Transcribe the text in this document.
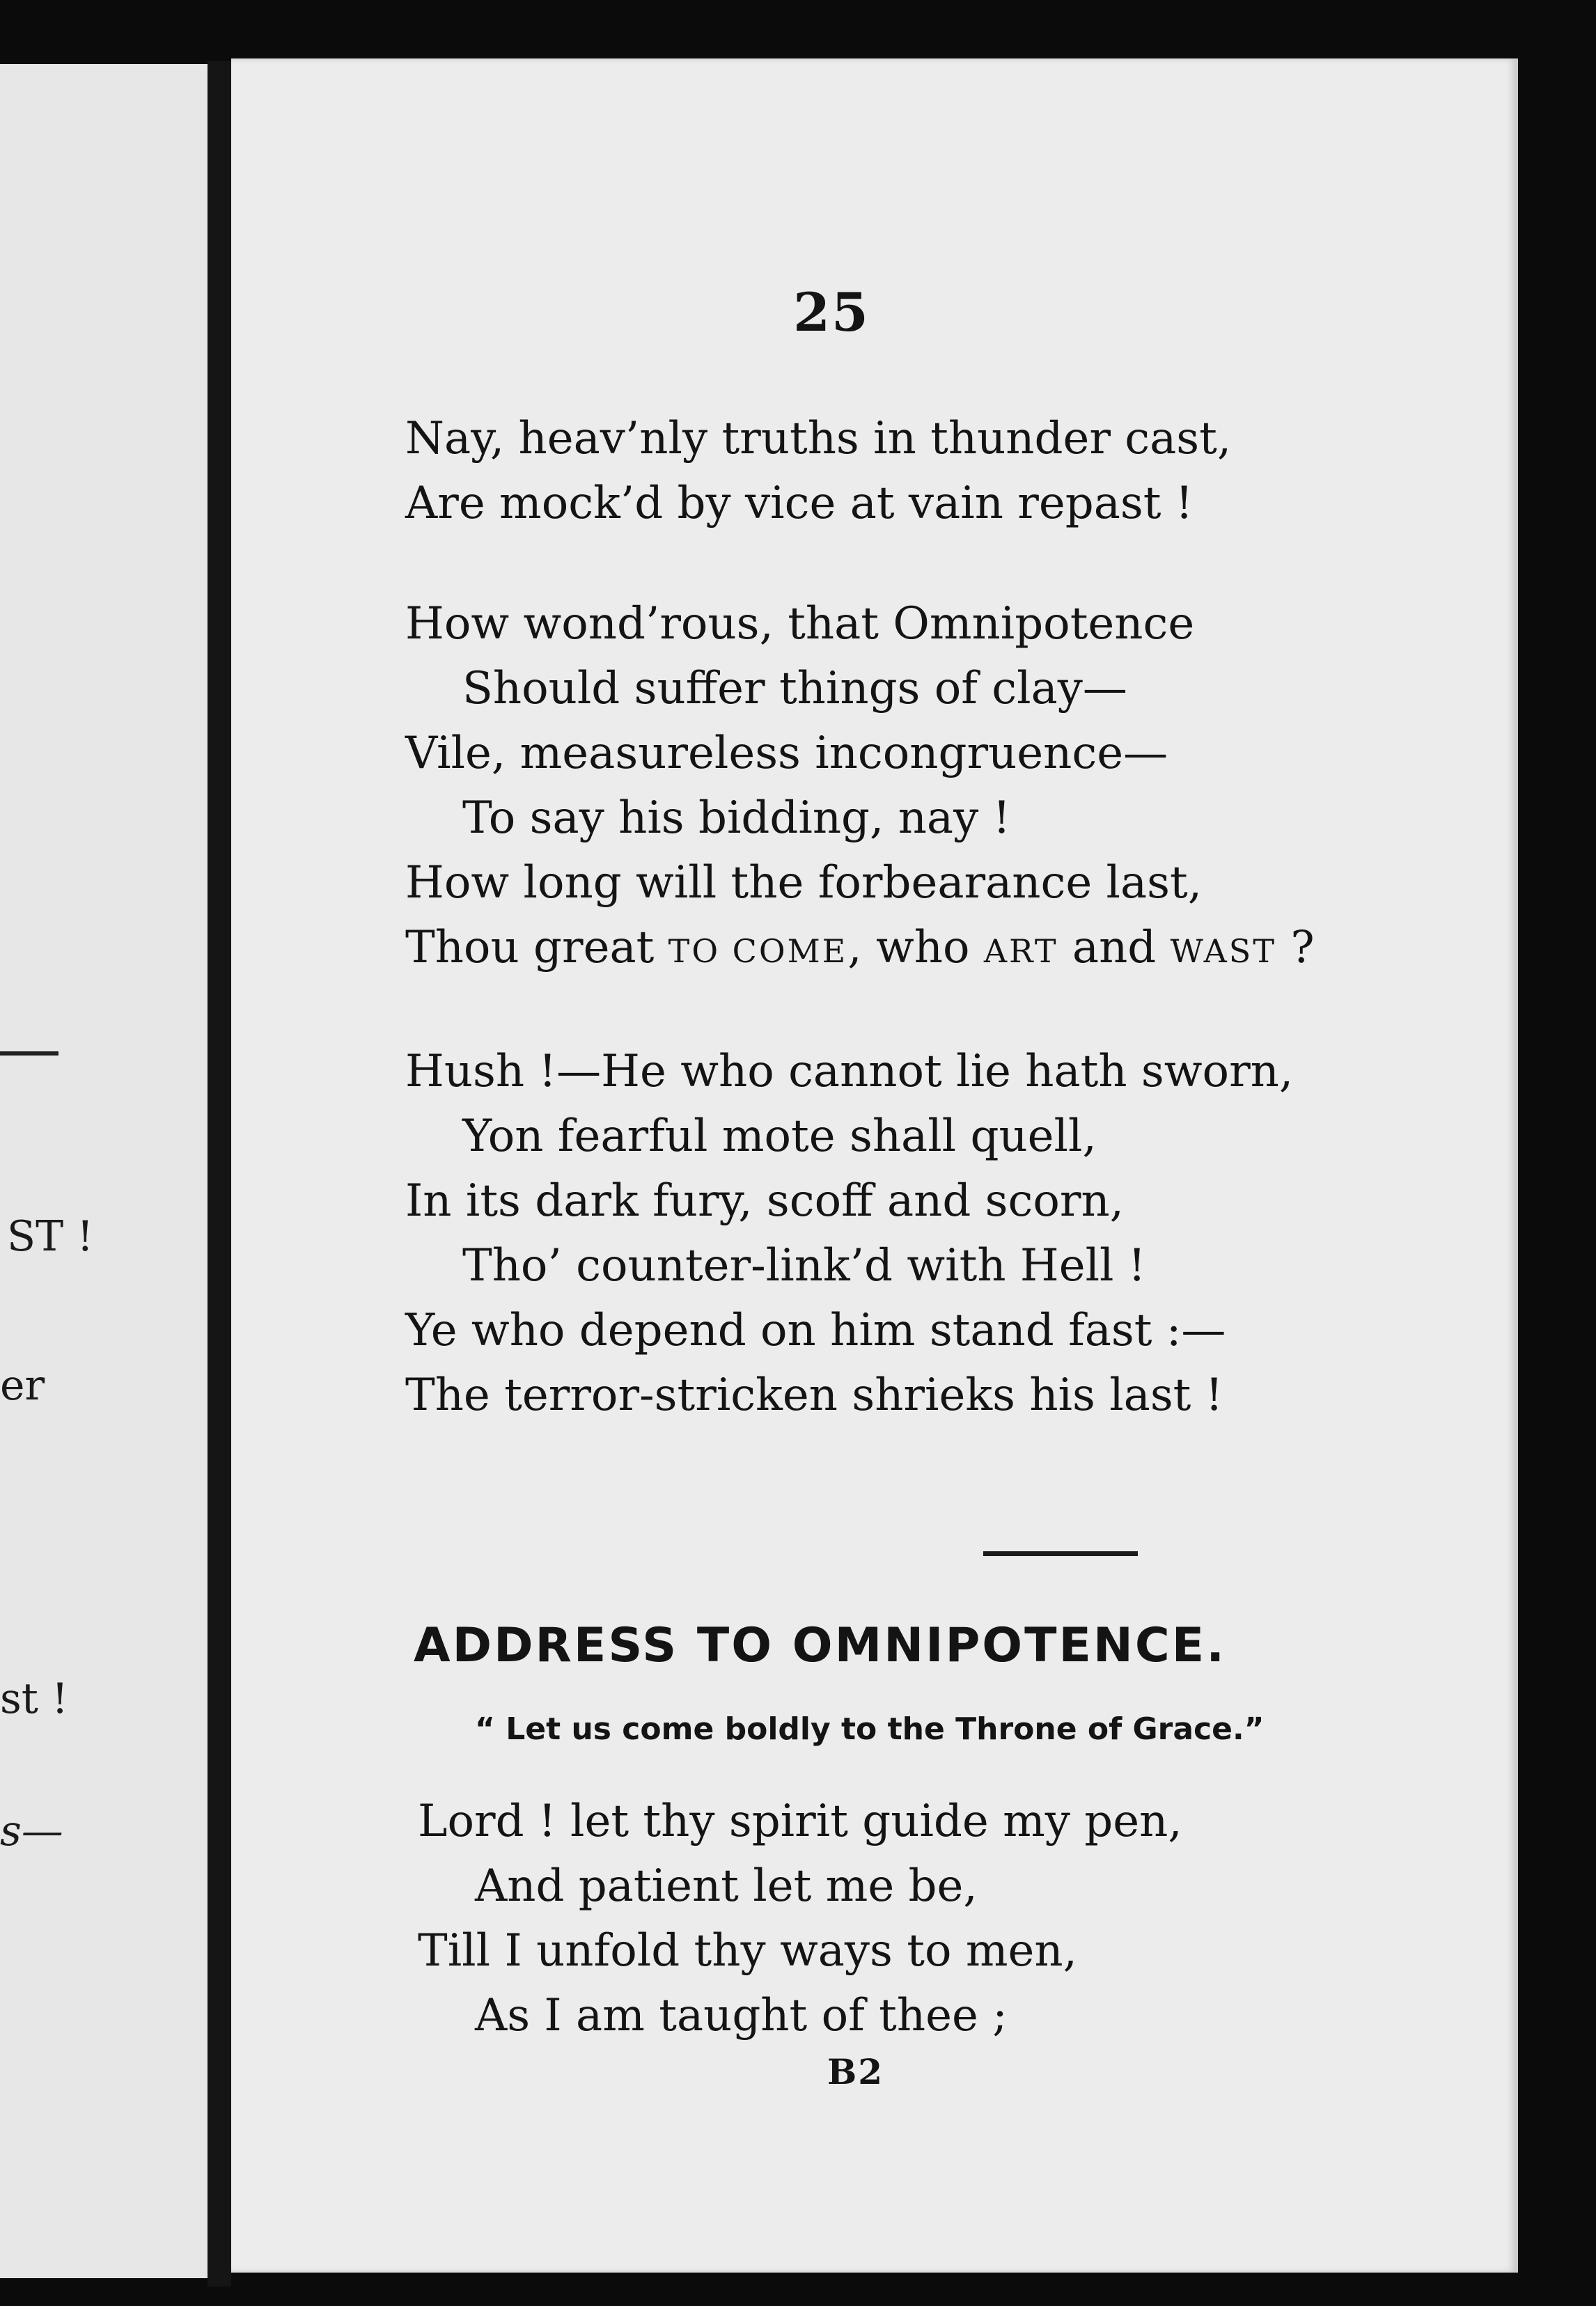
ST !
er
st !
s—
25
Nay, heav’nly truths in thunder cast,
Are mock’d by vice at vain repast !
How wond’rous, that Omnipotence
Should suffer things of clay—
Vile, measureless incongruence—
To say his bidding, nay !
How long will the forbearance last,
Thou great TO COME, who ART and WAST ?
Hush !—He who cannot lie hath sworn,
Yon fearful mote shall quell,
In its dark fury, scoff and scorn,
Tho’ counter-link’d with Hell !
Ye who depend on him stand fast :—
The terror-stricken shrieks his last !
ADDRESS TO OMNIPOTENCE.
“ Let us come boldly to the Throne of Grace.”
Lord ! let thy spirit guide my pen,
And patient let me be,
Till I unfold thy ways to men,
As I am taught of thee ;
B2
